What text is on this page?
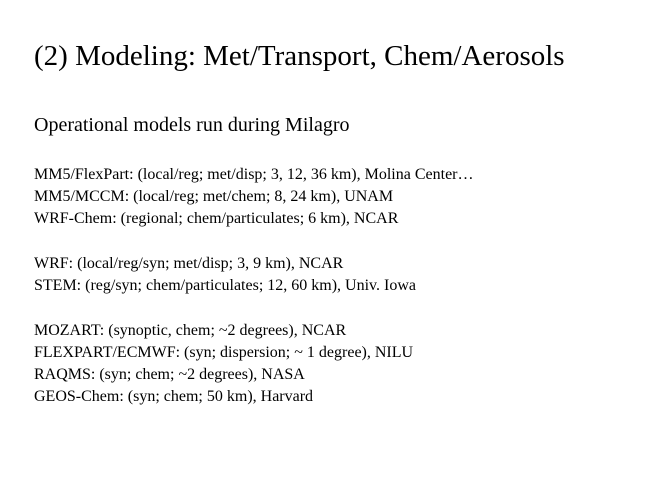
(2) Modeling: Met/Transport, Chem/Aerosols
Operational models run during Milagro
MM5/FlexPart: (local/reg; met/disp; 3, 12, 36 km), Molina Center…
MM5/MCCM: (local/reg; met/chem; 8, 24 km), UNAM
WRF-Chem: (regional; chem/particulates; 6 km), NCAR
WRF: (local/reg/syn; met/disp; 3, 9 km), NCAR
STEM: (reg/syn; chem/particulates; 12, 60 km), Univ. Iowa
MOZART: (synoptic, chem; ~2 degrees), NCAR
FLEXPART/ECMWF: (syn; dispersion; ~ 1 degree), NILU
RAQMS: (syn; chem; ~2 degrees), NASA
GEOS-Chem: (syn; chem; 50 km), Harvard
